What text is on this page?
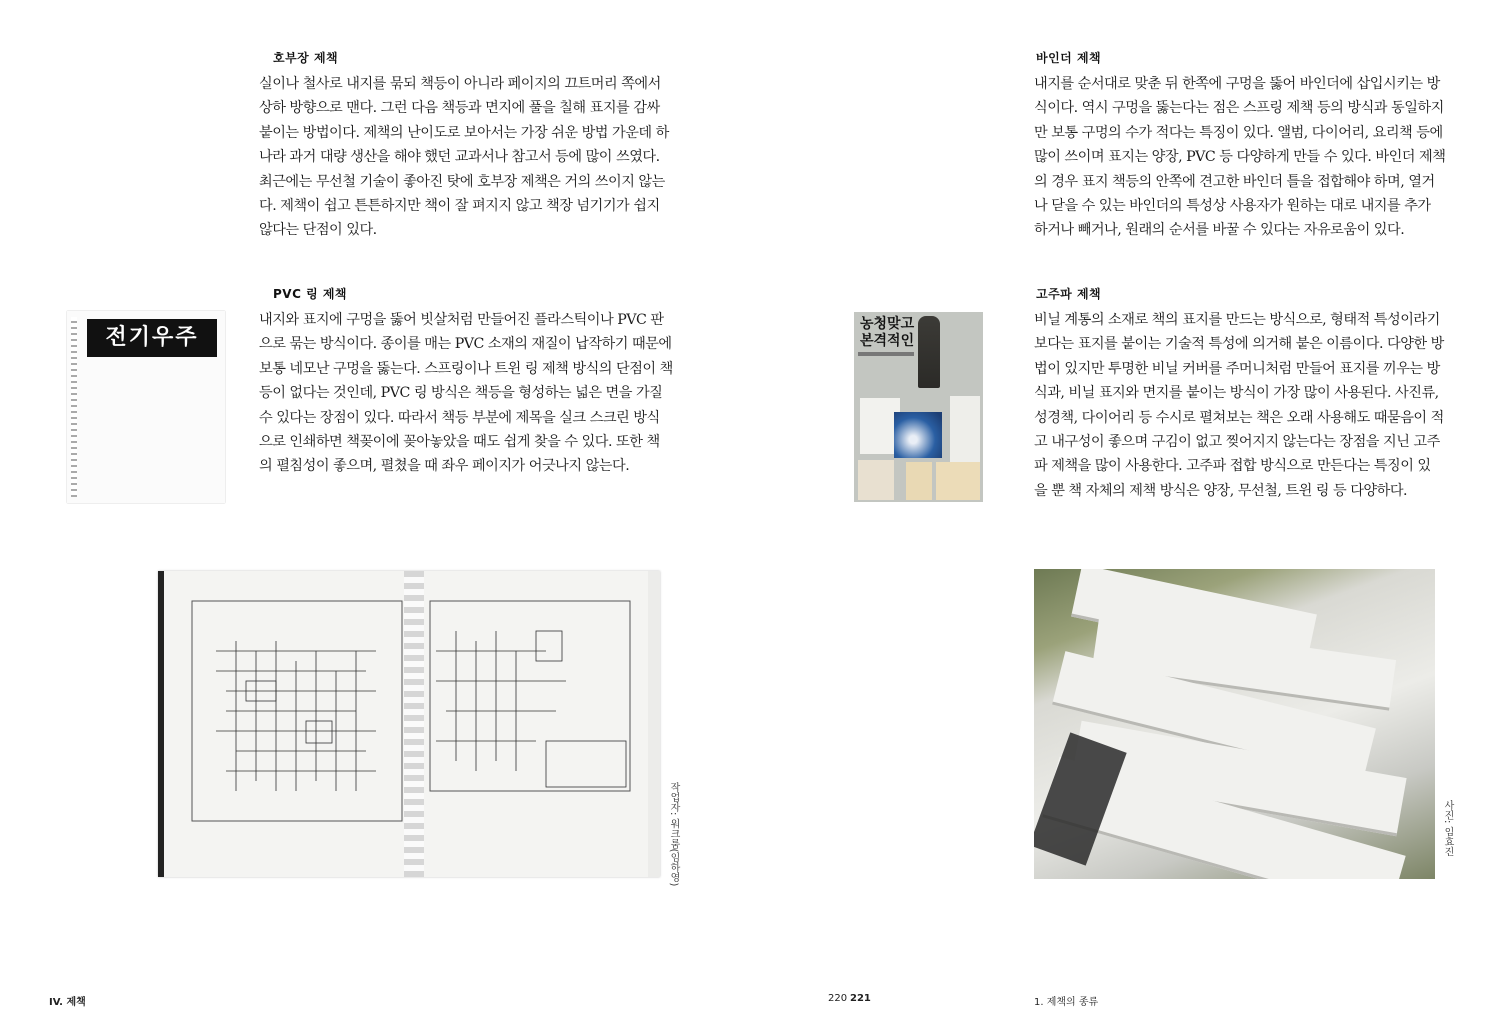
호부장 제책
실이나 철사로 내지를 묶되 책등이 아니라 페이지의 끄트머리 쪽에서
상하 방향으로 맨다. 그런 다음 책등과 면지에 풀을 칠해 표지를 감싸
붙이는 방법이다. 제책의 난이도로 보아서는 가장 쉬운 방법 가운데 하
나라 과거 대량 생산을 해야 했던 교과서나 참고서 등에 많이 쓰였다.
최근에는 무선철 기술이 좋아진 탓에 호부장 제책은 거의 쓰이지 않는
다. 제책이 쉽고 튼튼하지만 책이 잘 펴지지 않고 책장 넘기기가 쉽지
않다는 단점이 있다.
PVC 링 제책
내지와 표지에 구멍을 뚫어 빗살처럼 만들어진 플라스틱이나 PVC 판
으로 묶는 방식이다. 종이를 매는 PVC 소재의 재질이 납작하기 때문에
보통 네모난 구멍을 뚫는다. 스프링이나 트윈 링 제책 방식의 단점이 책
등이 없다는 것인데, PVC 링 방식은 책등을 형성하는 넓은 면을 가질
수 있다는 장점이 있다. 따라서 책등 부분에 제목을 실크 스크린 방식
으로 인쇄하면 책꽂이에 꽂아놓았을 때도 쉽게 찾을 수 있다. 또한 책
의 펼침성이 좋으며, 펼쳤을 때 좌우 페이지가 어긋나지 않는다.
전기우주
작업자: 워크룸(임하영)
IV. 제책	220
바인더 제책
내지를 순서대로 맞춘 뒤 한쪽에 구멍을 뚫어 바인더에 삽입시키는 방
식이다. 역시 구멍을 뚫는다는 점은 스프링 제책 등의 방식과 동일하지
만 보통 구멍의 수가 적다는 특징이 있다. 앨범, 다이어리, 요리책 등에
많이 쓰이며 표지는 양장, PVC 등 다양하게 만들 수 있다. 바인더 제책
의 경우 표지 책등의 안쪽에 견고한 바인더 틀을 접합해야 하며, 열거
나 닫을 수 있는 바인더의 특성상 사용자가 원하는 대로 내지를 추가
하거나 빼거나, 원래의 순서를 바꿀 수 있다는 자유로움이 있다.
고주파 제책
비닐 계통의 소재로 책의 표지를 만드는 방식으로, 형태적 특성이라기
보다는 표지를 붙이는 기술적 특성에 의거해 붙은 이름이다. 다양한 방
법이 있지만 투명한 비닐 커버를 주머니처럼 만들어 표지를 끼우는 방
식과, 비닐 표지와 면지를 붙이는 방식이 가장 많이 사용된다. 사진류,
성경책, 다이어리 등 수시로 펼쳐보는 책은 오래 사용해도 때묻음이 적
고 내구성이 좋으며 구김이 없고 찢어지지 않는다는 장점을 지닌 고주
파 제책을 많이 사용한다. 고주파 접합 방식으로 만든다는 특징이 있
을 뿐 책 자체의 제책 방식은 양장, 무선철, 트윈 링 등 다양하다.
농청맞고 본격적인
사진: 임효진
221	1. 제책의 종류
